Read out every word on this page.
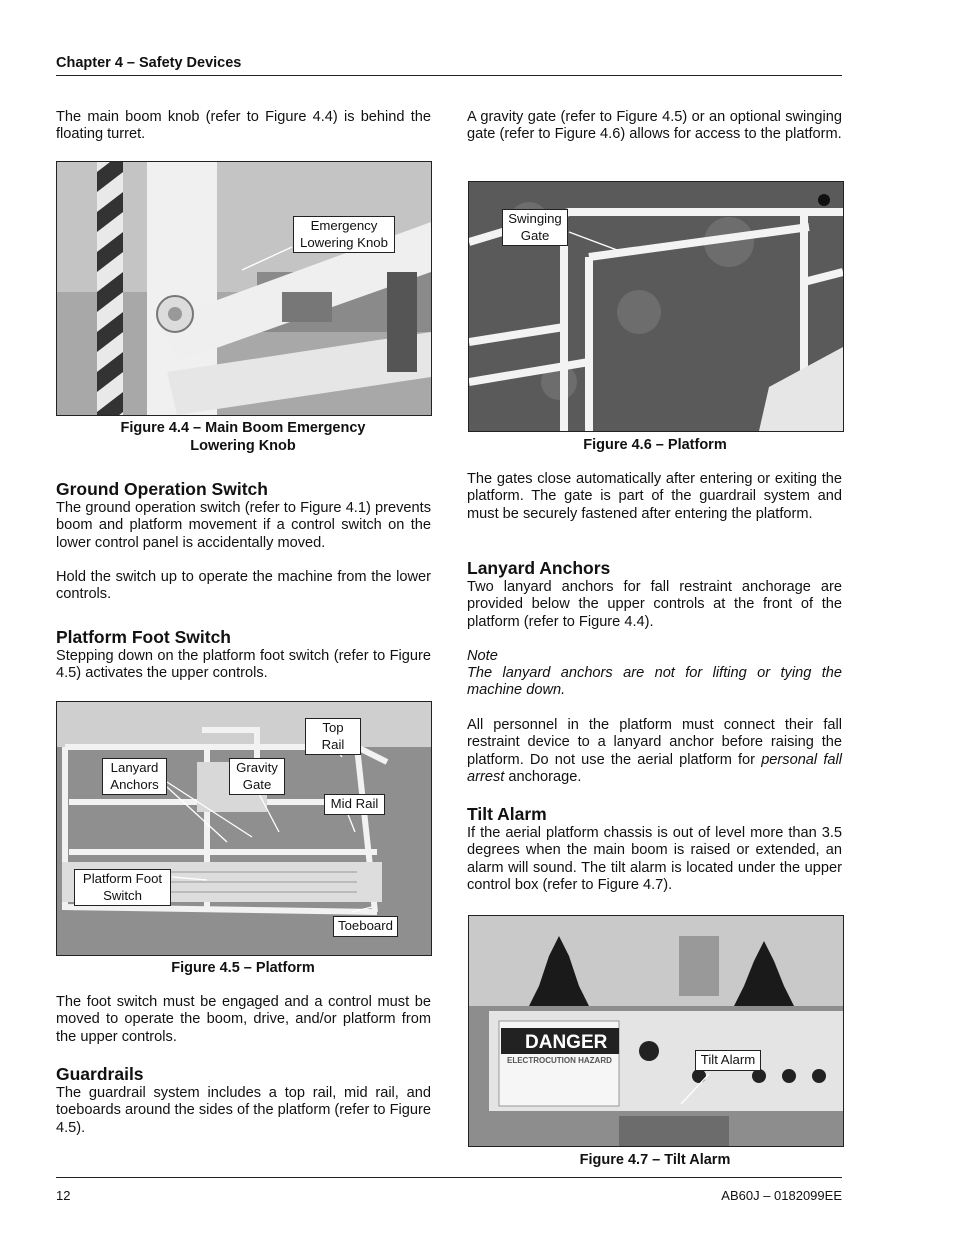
Chapter 4 – Safety Devices
The main boom knob (refer to Figure 4.4) is behind the floating turret.
Emergency
Lowering Knob
Figure 4.4 – Main Boom Emergency
Lowering Knob
Ground Operation Switch
The ground operation switch (refer to Figure 4.1) prevents boom and platform movement if a control switch on the lower control panel is accidentally moved.
Hold the switch up to operate the machine from the lower controls.
Platform Foot Switch
Stepping down on the platform foot switch (refer to Figure 4.5) activates the upper controls.
Top Rail
Lanyard
Anchors
Gravity
Gate
Mid Rail
Platform Foot
Switch
Toeboard
Figure 4.5 – Platform
The foot switch must be engaged and a control must be moved to operate the boom, drive, and/or platform from the upper controls.
Guardrails
The guardrail system includes a top rail, mid rail, and toeboards around the sides of the platform (refer to Figure 4.5).
A gravity gate (refer to Figure 4.5) or an optional swinging gate (refer to Figure 4.6) allows for access to the platform.
Swinging
Gate
Figure 4.6 – Platform
The gates close automatically after entering or exiting the platform. The gate is part of the guardrail system and must be securely fastened after entering the platform.
Lanyard Anchors
Two lanyard anchors for fall restraint anchorage are provided below the upper controls at the front of the platform (refer to Figure 4.4).
Note
The lanyard anchors are not for lifting or tying the machine down.
All personnel in the platform must connect their fall restraint device to a lanyard anchor before raising the platform. Do not use the aerial platform for personal fall arrest anchorage.
Tilt Alarm
If the aerial platform chassis is out of level more than 3.5 degrees when the main boom is raised or extended, an alarm will sound. The tilt alarm is located under the upper control box (refer to Figure 4.7).
DANGER
ELECTROCUTION HAZARD	Tilt Alarm
Figure 4.7 – Tilt Alarm
12	AB60J – 0182099EE
